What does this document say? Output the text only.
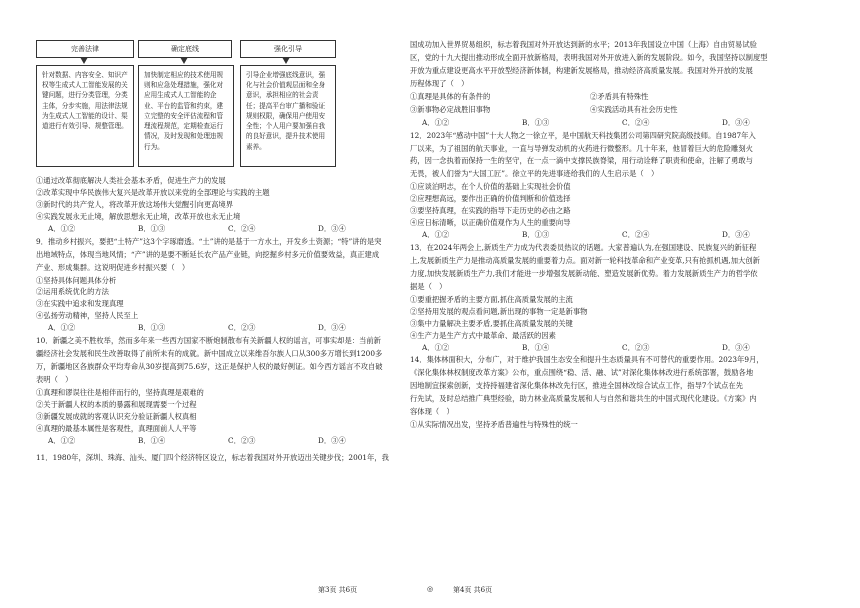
完善法律
针对数据、内容安全、知识产权等生成式人工智能发展的关键问题，进行分类管理，分类主体，分步实施，用法律法规为生成式人工智能的设计、渠道进行有效引导、规整管理。
确定底线
加快制定相应的技术使用规则和应急处理措施，强化对应用生成式人工智能的企业、平台的监管和约束，建立完整的安全评估流程和管理流程规范，定期检查运行情况，及时发现和处理违规行为。
强化引导
引导企业增强底线意识，强化与社会价值观层面和全身意识，承担相应的社会责任；提高平台审广播和验证规则权限，确保用户使用安全性；个人用户要加强自我的良好意识，提升技术使用素养。
①通过改革彻底解决人类社会基本矛盾，促进生产力的发展
②改革实现中华民族伟大复兴是改革开放以来党的全部理论与实践的主题
③新时代的共产党人，将改革开放这场伟大觉醒引向更高境界
④实践发展永无止境，解放思想永无止境，改革开放也永无止境
A．①②	B．①③	C．②④	D．③④
9．推动乡村振兴，要把“土特产”这3个字琢磨透。“土”讲的是基于一方水土，开发乡土资源；“特”讲的是突
出地域特点，体现当地风情；“产”讲的是要不断延长农产品产业链，向挖掘乡村多元价值要效益，真正建成
产业、形成集群。这说明促进乡村振兴要（　）
①坚持具体问题具体分析
②运用系统优化的方法
③在实践中追求和发现真理
④弘扬劳动精神，坚持人民至上
A．①②	B．①③	C．②③	D．③④
10．新疆之美不胜枚举，然而多年来一些西方国家不断炮制散布有关新疆人权的谣言，可事实却是：当前新
疆经济社会发展和民生改善取得了前所未有的成就。新中国成立以来维吾尔族人口从300多万增长到1200多
万，新疆地区各族群众平均寿命从30岁提高到75.6岁，这正是保护人权的最好例证。如今西方谣言不攻自破
表明（　）
①真理和谬误往往是相伴而行的，坚持真理是艰难的
②关于新疆人权的本质的暴露和展现需要一个过程
③新疆发展成就的客观认识充分验证新疆人权真相
④真理的最基本属性是客观性，真理面前人人平等
A．①②	B．①④	C．②③	D．③④
11．1980年，深圳、珠海、汕头、厦门四个经济特区设立，标志着我国对外开放迈出关键步伐；2001年，我
第3页 共6页	◎	第4页 共6页
国成功加入世界贸易组织，标志着我国对外开放达到新的水平；2013年我国设立中国（上海）自由贸易试验
区，党的十九大提出推动形成全面开放新格局，表明我国对外开放进入新的发展阶段。如今，我国坚持以制度型
开放为重点建设更高水平开放型经济新体制，构建新发展格局，推动经济高质量发展。我国对外开放的发展
历程体现了（　）
①真理是具体的有条件的	②矛盾具有特殊性
③新事物必定战胜旧事物	④实践活动具有社会历史性
A．①②	B．①③	C．②④	D．③④
12．2023年“感动中国”十大人物之一徐立平，是中国航天科技集团公司第四研究院高级技师。自1987年入
厂以来，为了祖国的航天事业，一直与导弹发动机的火药进行微整形。几十年来，他冒着巨大的危险雕刻火
药，因一念执着而保持一生的坚守，在一点一滴中支撑民族脊梁，用行动诠释了职责和使命，注解了勇敢与
无畏，被人们誉为“大国工匠”。徐立平的先进事迹给我们的人生启示是（　）
①应谈泊明志，在个人价值的基础上实现社会价值
②应理想高远，要作出正确的价值判断和价值选择
③要坚持真理，在实践的指导下走历史的必由之路
④应日标清晰，以正确价值观作为人生的重要向导
A．①②	B．①③	C．②④	D．③④
13．在2024年两会上,新质生产力成为代表委员热议的话题。大家普遍认为,在强国建设、民族复兴的新征程
上,发展新质生产力是推动高质量发展的重要着力点。面对新一轮科技革命和产业变革,只有抢抓机遇,加大创新
力度,加快发展新质生产力,我们才能进一步增强发展新动能、塑造发展新优势。着力发展新质生产力的哲学依
据是（　）
①要重把握矛盾的主要方面,抓住高质量发展的主流
②坚持用发展的观点看问题,新出现的事物一定是新事物
③集中力量解决主要矛盾,要抓住高质量发展的关键
④生产力是生产方式中最革命、最活跃的因素
A．①②	B．①④	C．②③	D．③④
14．集体林面积大，分布广，对于维护我国生态安全和提升生态质量具有不可替代的重要作用。2023年9月，
《深化集体林权制度改革方案》公布，重点围绕“稳、活、融、试”对深化集体林改进行系统部署，鼓励各地
因地制宜探索创新，支持持福建省深化集体林改先行区，推进全国林改综合试点工作，指导7个试点在先
行先试，及时总结推广典型经验，助力林业高质量发展和人与自然和谐共生的中国式现代化建设。《方案》内
容体现（　）
①从实际情况出发，坚持矛盾普遍性与特殊性的统一
